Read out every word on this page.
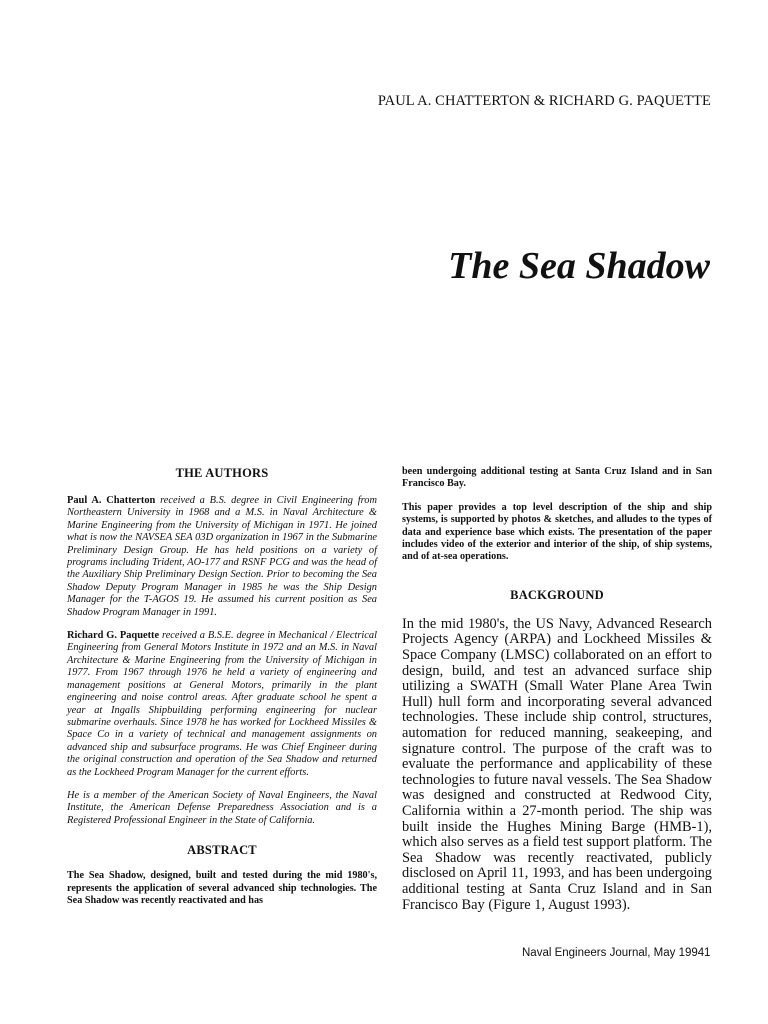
PAUL A. CHATTERTON & RICHARD G. PAQUETTE
The Sea Shadow
THE AUTHORS

Paul A. Chatterton received a B.S. degree in Civil Engineering from Northeastern University in 1968 and a M.S. in Naval Architecture & Marine Engineering from the University of Michigan in 1971. He joined what is now the NAVSEA SEA 03D organization in 1967 in the Submarine Preliminary Design Group. He has held positions on a variety of programs including Trident, AO-177 and RSNF PCG and was the head of the Auxiliary Ship Preliminary Design Section. Prior to becoming the Sea Shadow Deputy Program Manager in 1985 he was the Ship Design Manager for the T-AGOS 19. He assumed his current position as Sea Shadow Program Manager in 1991.

Richard G. Paquette received a B.S.E. degree in Mechanical / Electrical Engineering from General Motors Institute in 1972 and an M.S. in Naval Architecture & Marine Engineering from the University of Michigan in 1977. From 1967 through 1976 he held a variety of engineering and management positions at General Motors, primarily in the plant engineering and noise control areas. After graduate school he spent a year at Ingalls Shipbuilding performing engineering for nuclear submarine overhauls. Since 1978 he has worked for Lockheed Missiles & Space Co in a variety of technical and management assignments on advanced ship and subsurface programs. He was Chief Engineer during the original construction and operation of the Sea Shadow and returned as the Lockheed Program Manager for the current efforts.

He is a member of the American Society of Naval Engineers, the Naval Institute, the American Defense Preparedness Association and is a Registered Professional Engineer in the State of California.

ABSTRACT

The Sea Shadow, designed, built and tested during the mid 1980's, represents the application of several advanced ship technologies. The Sea Shadow was recently reactivated and has

been undergoing additional testing at Santa Cruz Island and in San Francisco Bay.

This paper provides a top level description of the ship and ship systems, is supported by photos & sketches, and alludes to the types of data and experience base which exists. The presentation of the paper includes video of the exterior and interior of the ship, of ship systems, and of at-sea operations.

BACKGROUND

In the mid 1980's, the US Navy, Advanced Research Projects Agency (ARPA) and Lockheed Missiles & Space Company (LMSC) collaborated on an effort to design, build, and test an advanced surface ship utilizing a SWATH (Small Water Plane Area Twin Hull) hull form and incorporating several advanced technologies. These include ship control, structures, automation for reduced manning, seakeeping, and signature control. The purpose of the craft was to evaluate the performance and applicability of these technologies to future naval vessels. The Sea Shadow was designed and constructed at Redwood City, California within a 27-month period. The ship was built inside the Hughes Mining Barge (HMB-1), which also serves as a field test support platform. The Sea Shadow was recently reactivated, publicly disclosed on April 11, 1993, and has been undergoing additional testing at Santa Cruz Island and in San Francisco Bay (Figure 1, August 1993).

Naval Engineers Journal, May 1994 1
